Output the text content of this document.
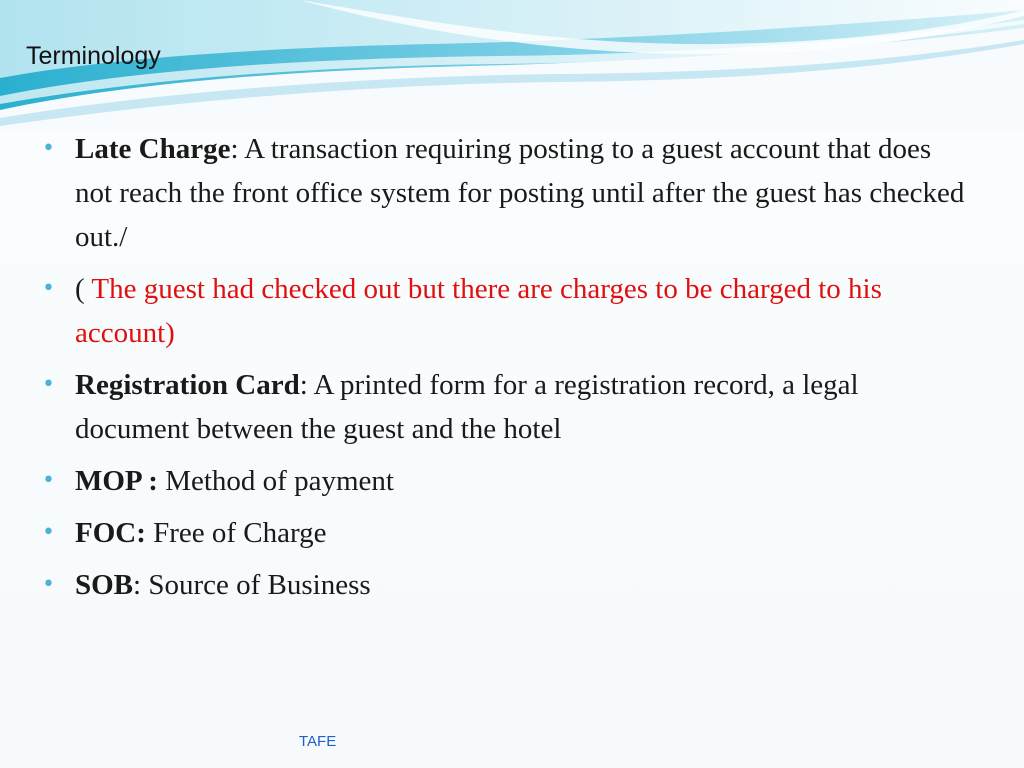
Terminology
• Late Charge: A transaction requiring posting to a guest account that does not reach the front office system for posting until after the guest has checked out./
• ( The guest had checked out but there are charges to be charged to his account)
• Registration Card: A printed form for a registration record, a legal document between the guest and the hotel
• MOP : Method of payment
• FOC: Free of Charge
• SOB: Source of Business
TAFE
